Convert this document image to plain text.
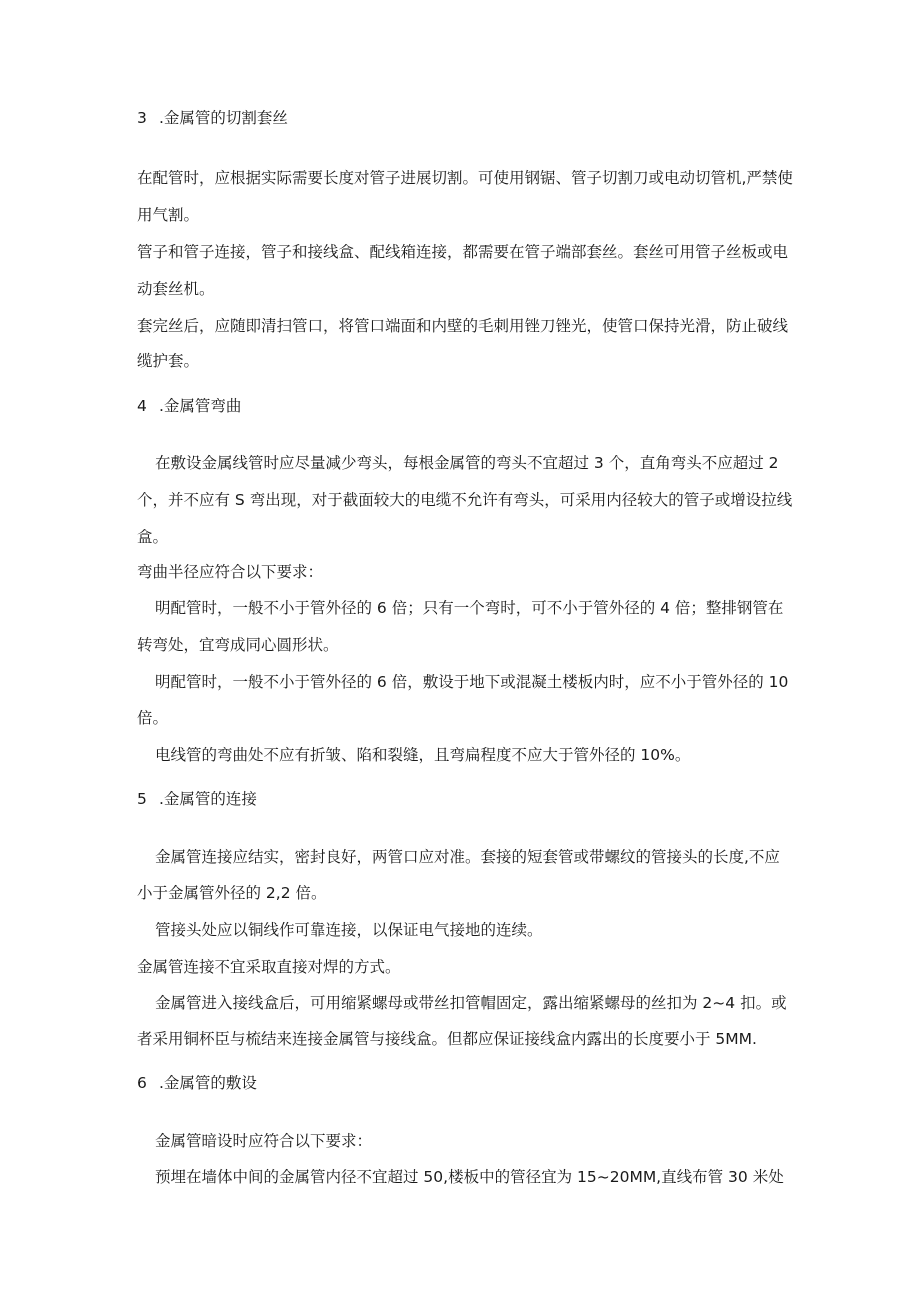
3 .金属管的切割套丝
在配管时，应根据实际需要长度对管子进展切割。可使用钢锯、管子切割刀或电动切管机,严禁使
用气割。
管子和管子连接，管子和接线盒、配线箱连接，都需要在管子端部套丝。套丝可用管子丝板或电
动套丝机。
套完丝后，应随即清扫管口，将管口端面和内壁的毛刺用锉刀锉光，使管口保持光滑，防止破线
缆护套。
4 .金属管弯曲
在敷设金属线管时应尽量减少弯头，每根金属管的弯头不宜超过 3 个，直角弯头不应超过 2
个，并不应有 S 弯出现，对于截面较大的电缆不允许有弯头，可采用内径较大的管子或增设拉线
盒。
弯曲半径应符合以下要求：
明配管时，一般不小于管外径的 6 倍；只有一个弯时，可不小于管外径的 4 倍；整排钢管在
转弯处，宜弯成同心圆形状。
明配管时，一般不小于管外径的 6 倍，敷设于地下或混凝土楼板内时，应不小于管外径的 10
倍。
电线管的弯曲处不应有折皱、陷和裂缝，且弯扁程度不应大于管外径的 10%。
5 .金属管的连接
金属管连接应结实，密封良好，两管口应对准。套接的短套管或带螺纹的管接头的长度,不应
小于金属管外径的 2,2 倍。
管接头处应以铜线作可靠连接，以保证电气接地的连续。
金属管连接不宜采取直接对焊的方式。
金属管进入接线盒后，可用缩紧螺母或带丝扣管帽固定，露出缩紧螺母的丝扣为 2~4 扣。或
者采用铜杯臣与梳结来连接金属管与接线盒。但都应保证接线盒内露出的长度要小于 5MM.
6 .金属管的敷设
金属管暗设时应符合以下要求：
预埋在墙体中间的金属管内径不宜超过 50,楼板中的管径宜为 15~20MM,直线布管 30 米处
